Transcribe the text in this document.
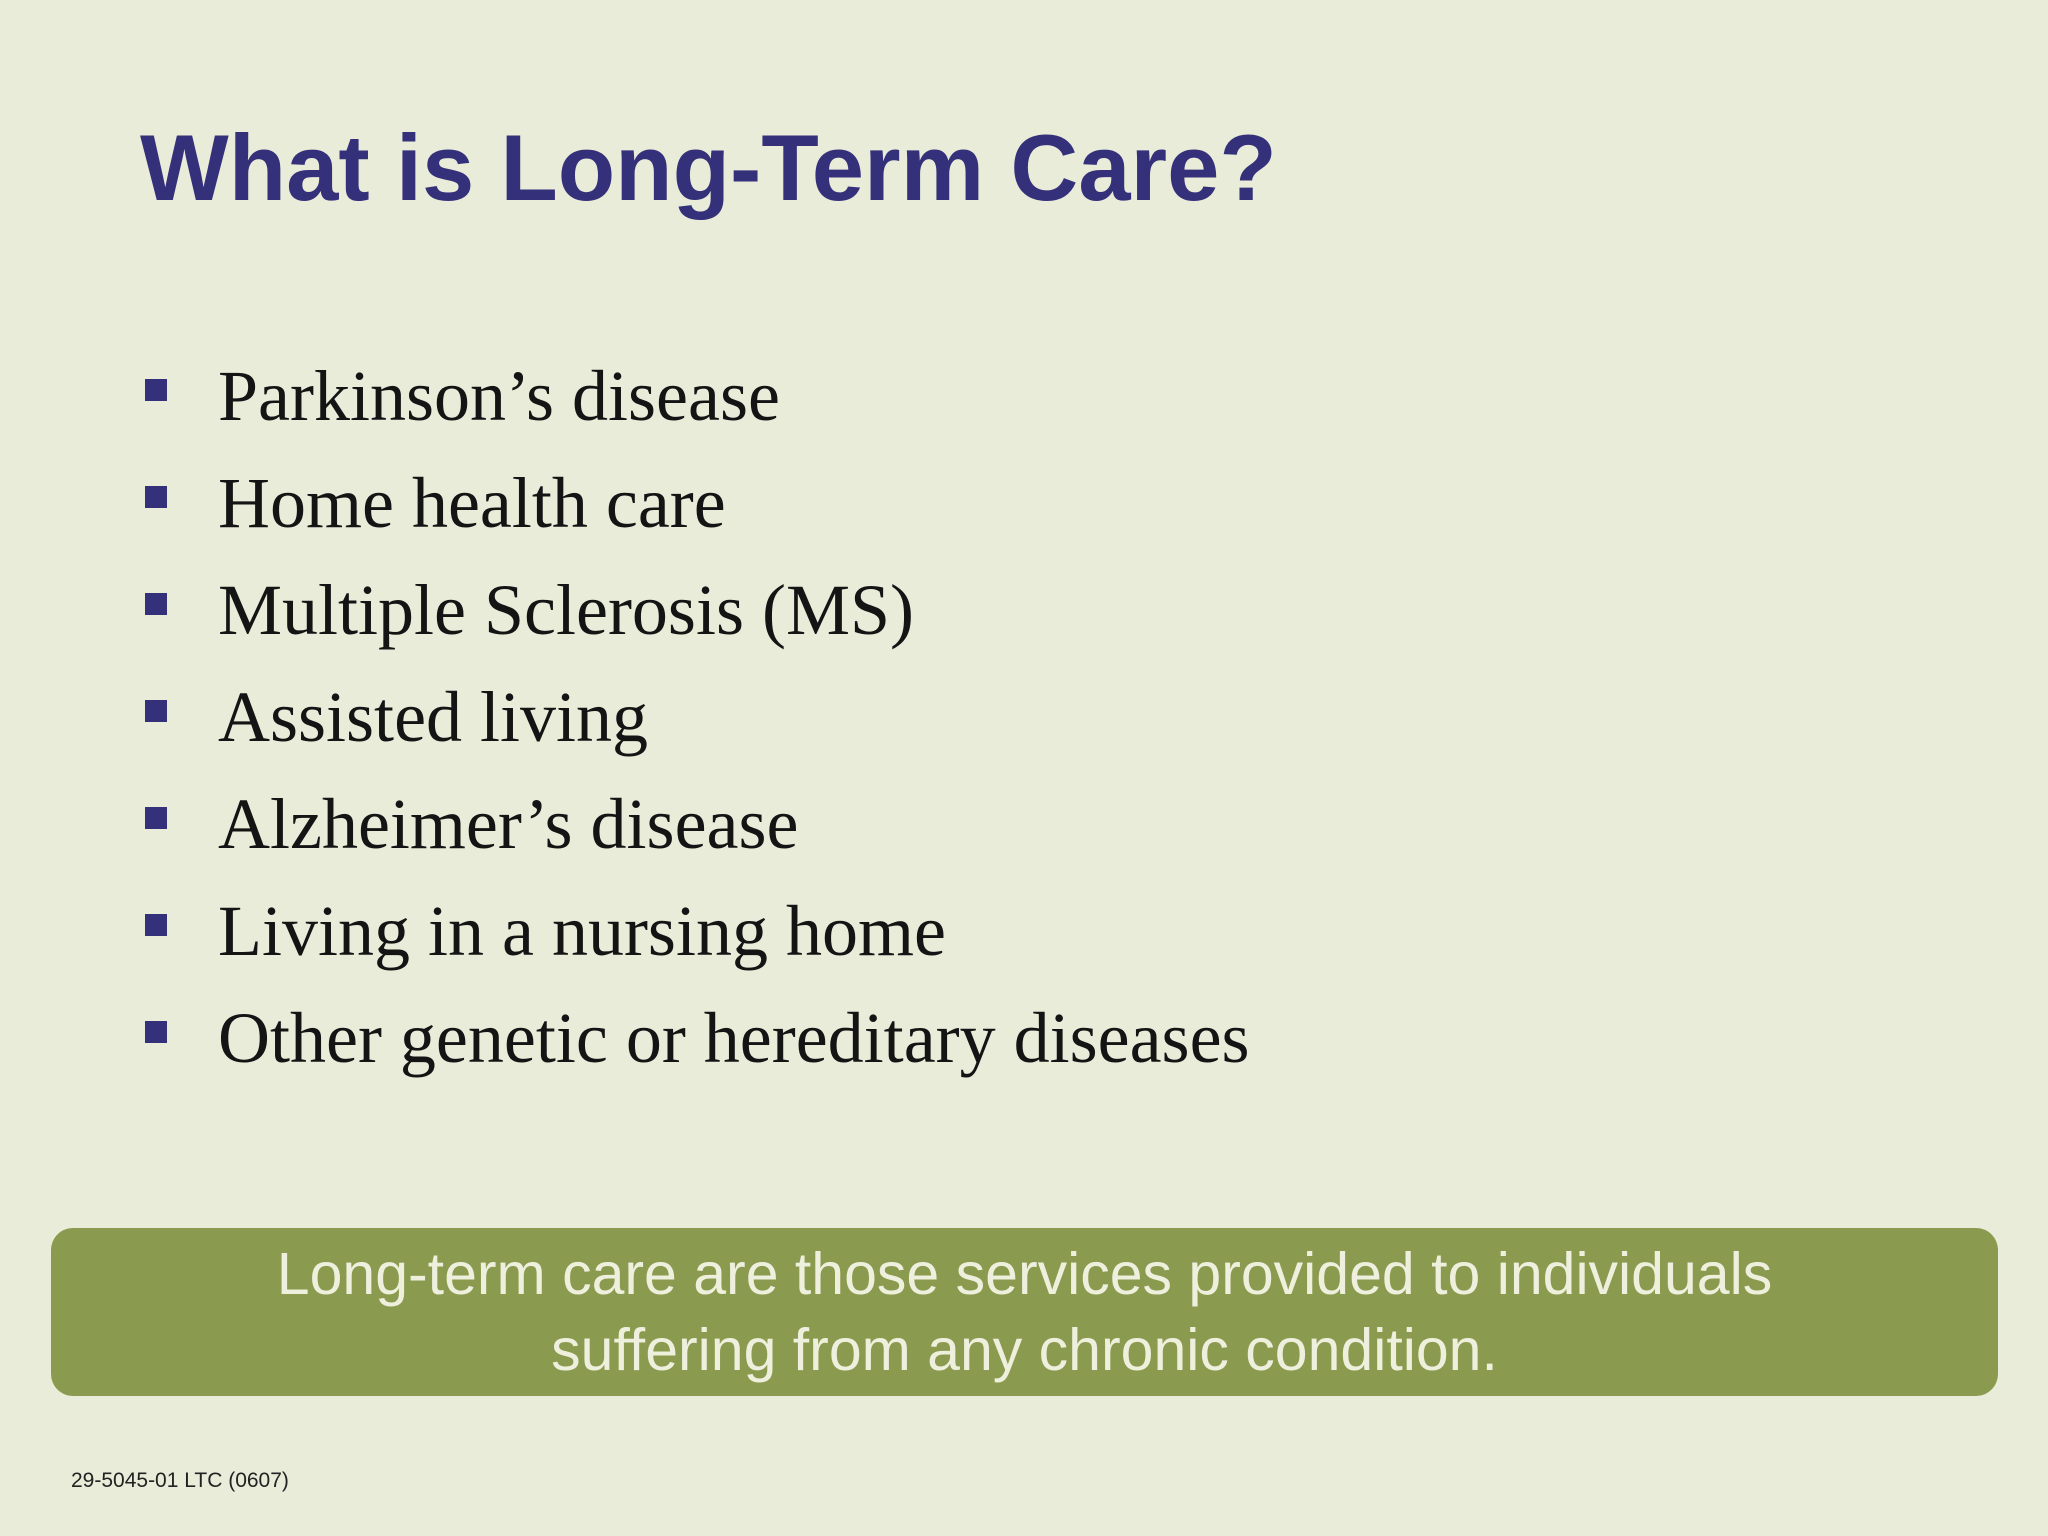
What is Long-Term Care?
Parkinson’s disease
Home health care
Multiple Sclerosis (MS)
Assisted living
Alzheimer’s disease
Living in a nursing home
Other genetic or hereditary diseases
Long-term care are those services provided to individuals
suffering from any chronic condition.
29-5045-01 LTC (0607)
